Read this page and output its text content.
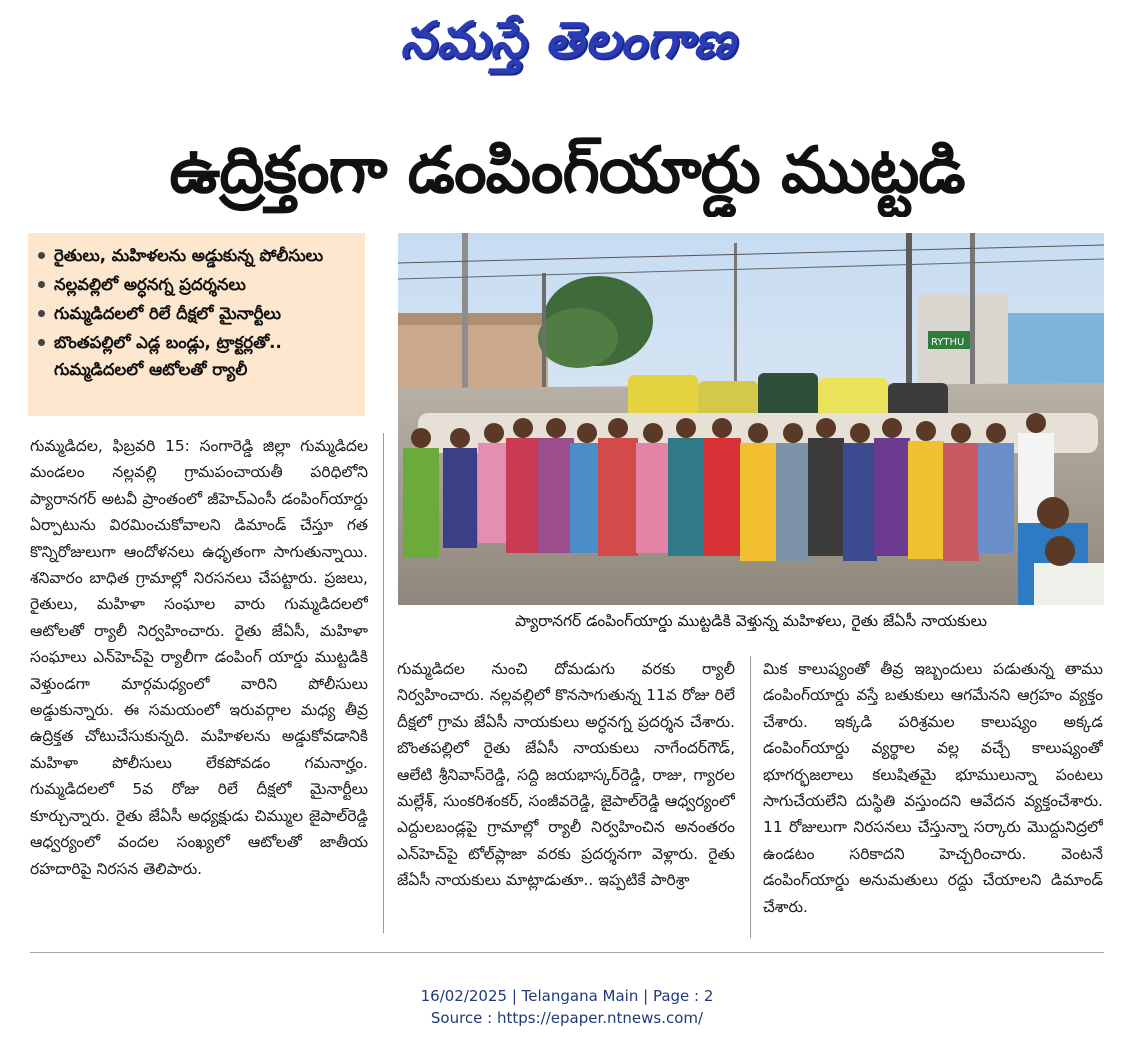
నమస్తే తెలంగాణ
ఉద్రిక్తంగా డంపింగ్‌యార్డు ముట్టడి
రైతులు, మహిళలను అడ్డుకున్న పోలీసులు
నల్లవల్లిలో అర్ధనగ్న ప్రదర్శనలు
గుమ్మడిదలలో రిలే దీక్షలో మైనార్టీలు
బొంతపల్లిలో ఎడ్ల బండ్లు, ట్రాక్టర్లతో..
గుమ్మడిదలలో ఆటోలతో ర్యాలీ
RYTHU
ప్యారానగర్ డంపింగ్‌యార్డు ముట్టడికి వెళ్తున్న మహిళలు, రైతు జేఏసీ నాయకులు
గుమ్మడిదల, ఫిబ్రవరి 15: సంగారెడ్డి జిల్లా గుమ్మడిదల మండలం నల్లవల్లి గ్రామపంచాయతీ పరిధిలోని ప్యారానగర్ అటవీ ప్రాంతంలో జీహెచ్‌ఎంసీ డంపింగ్‌యార్డు ఏర్పాటును విరమించుకోవాలని డిమాండ్ చేస్తూ గత కొన్నిరోజులుగా ఆందోళనలు ఉధృతంగా సాగుతున్నాయి. శనివారం బాధిత గ్రామాల్లో నిరసనలు చేపట్టారు. ప్రజలు, రైతులు, మహిళా సంఘాల వారు గుమ్మడిదలలో ఆటోలతో ర్యాలీ నిర్వహించారు. రైతు జేఏసీ, మహిళా సంఘాలు ఎన్‌హెచ్‌పై ర్యాలీగా డంపింగ్ యార్డు ముట్టడికి వెళ్తుండగా మార్గమధ్యంలో వారిని పోలీసులు అడ్డుకున్నారు. ఈ సమయంలో ఇరువర్గాల మధ్య తీవ్ర ఉద్రిక్తత చోటుచేసుకున్నది. మహిళలను అడ్డుకోవడానికి మహిళా పోలీసులు లేకపోవడం గమనార్హం. గుమ్మడిదలలో 5వ రోజు రిలే దీక్షలో మైనార్టీలు కూర్చున్నారు. రైతు జేఏసీ అధ్యక్షుడు చిమ్ముల జైపాల్‌రెడ్డి ఆధ్వర్యంలో వందల సంఖ్యలో ఆటోలతో జాతీయ రహదారిపై నిరసన తెలిపారు.
గుమ్మడిదల నుంచి దోమడుగు వరకు ర్యాలీ నిర్వహించారు. నల్లవల్లిలో కొనసాగుతున్న 11వ రోజు రిలే దీక్షలో గ్రామ జేఏసీ నాయకులు అర్ధనగ్న ప్రదర్శన చేశారు. బొంతపల్లిలో రైతు జేఏసీ నాయకులు నాగేందర్‌గౌడ్, ఆలేటి శ్రీనివాస్‌రెడ్డి, సద్ది జయభాస్కర్‌రెడ్డి, రాజు, గ్యారల మల్లేశ్, సుంకరిశంకర్, సంజీవరెడ్డి, జైపాల్‌రెడ్డి ఆధ్వర్యంలో ఎద్దులబండ్లపై గ్రామాల్లో ర్యాలీ నిర్వహించిన అనంతరం ఎన్‌హెచ్‌పై టోల్‌ప్లాజా వరకు ప్రదర్శనగా వెళ్లారు. రైతు జేఏసీ నాయకులు మాట్లాడుతూ.. ఇప్పటికే పారిశ్రా
మిక కాలుష్యంతో తీవ్ర ఇబ్బందులు పడుతున్న తాము డంపింగ్‌యార్డు వస్తే బతుకులు ఆగమేనని ఆగ్రహం వ్యక్తం చేశారు. ఇక్కడి పరిశ్రమల కాలుష్యం అక్కడ డంపింగ్‌యార్డు వ్యర్థాల వల్ల వచ్చే కాలుష్యంతో భూగర్భజలాలు కలుషితమై భూములున్నా పంటలు సాగుచేయలేని దుస్థితి వస్తుందని ఆవేదన వ్యక్తంచేశారు. 11 రోజులుగా నిరసనలు చేస్తున్నా సర్కారు మొద్దునిద్రలో ఉండటం సరికాదని హెచ్చరించారు. వెంటనే డంపింగ్‌యార్డు అనుమతులు రద్దు చేయాలని డిమాండ్ చేశారు.
16/02/2025 | Telangana Main | Page : 2
Source : https://epaper.ntnews.com/
